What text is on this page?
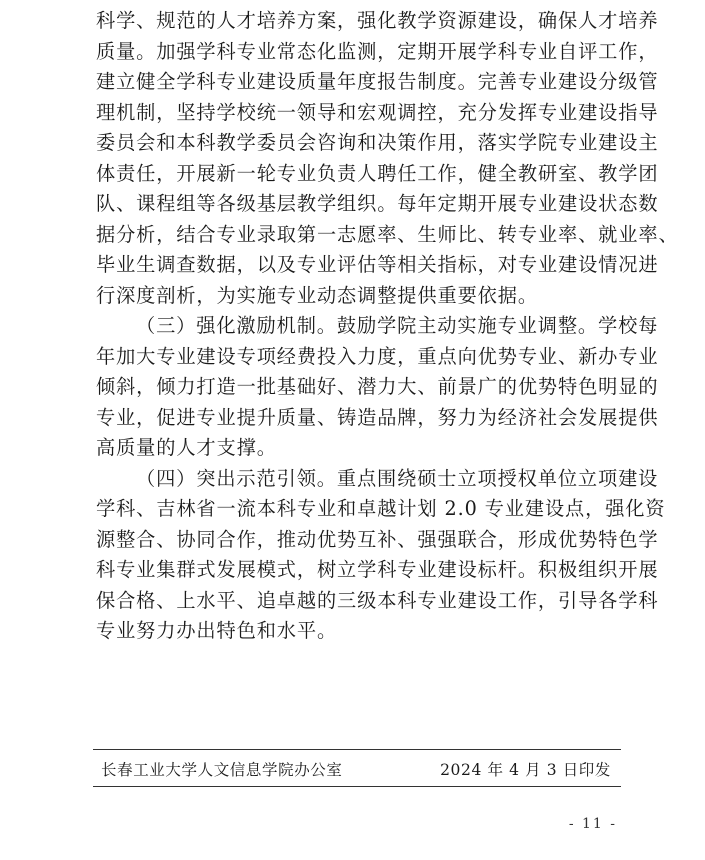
科学、规范的人才培养方案，强化教学资源建设，确保人才培养
质量。加强学科专业常态化监测，定期开展学科专业自评工作，
建立健全学科专业建设质量年度报告制度。完善专业建设分级管
理机制，坚持学校统一领导和宏观调控，充分发挥专业建设指导
委员会和本科教学委员会咨询和决策作用，落实学院专业建设主
体责任，开展新一轮专业负责人聘任工作，健全教研室、教学团
队、课程组等各级基层教学组织。每年定期开展专业建设状态数
据分析，结合专业录取第一志愿率、生师比、转专业率、就业率、
毕业生调查数据，以及专业评估等相关指标，对专业建设情况进
行深度剖析，为实施专业动态调整提供重要依据。
（三）强化激励机制。鼓励学院主动实施专业调整。学校每
年加大专业建设专项经费投入力度，重点向优势专业、新办专业
倾斜，倾力打造一批基础好、潜力大、前景广的优势特色明显的
专业，促进专业提升质量、铸造品牌，努力为经济社会发展提供
高质量的人才支撑。
（四）突出示范引领。重点围绕硕士立项授权单位立项建设
学科、吉林省一流本科专业和卓越计划 2.0 专业建设点，强化资
源整合、协同合作，推动优势互补、强强联合，形成优势特色学
科专业集群式发展模式，树立学科专业建设标杆。积极组织开展
保合格、上水平、追卓越的三级本科专业建设工作，引导各学科
专业努力办出特色和水平。
长春工业大学人文信息学院办公室	2024 年 4 月 3 日印发
- 11 -
